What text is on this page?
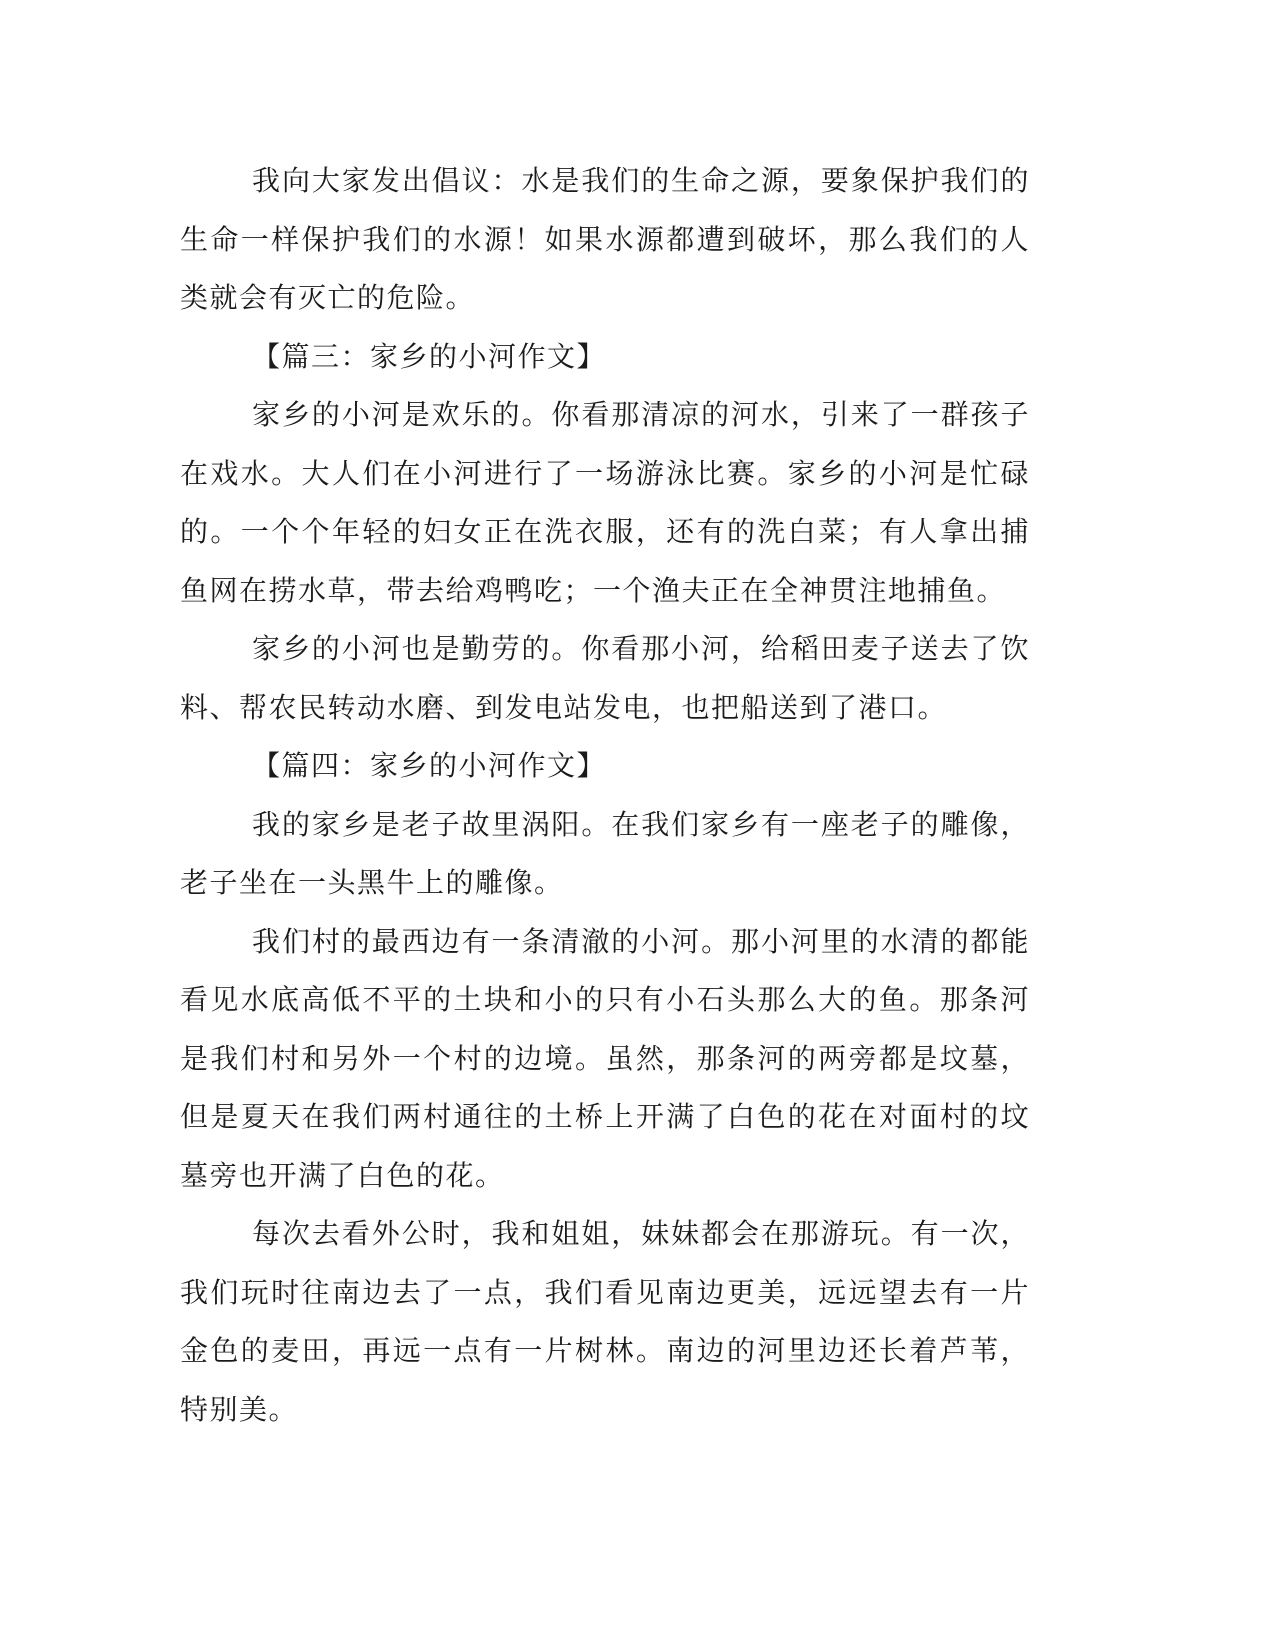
我向大家发出倡议：水是我们的生命之源，要象保护我们的生命一样保护我们的水源！如果水源都遭到破坏，那么我们的人类就会有灭亡的危险。

【篇三：家乡的小河作文】

家乡的小河是欢乐的。你看那清凉的河水，引来了一群孩子在戏水。大人们在小河进行了一场游泳比赛。家乡的小河是忙碌的。一个个年轻的妇女正在洗衣服，还有的洗白菜；有人拿出捕鱼网在捞水草，带去给鸡鸭吃；一个渔夫正在全神贯注地捕鱼。

家乡的小河也是勤劳的。你看那小河，给稻田麦子送去了饮料、帮农民转动水磨、到发电站发电，也把船送到了港口。

【篇四：家乡的小河作文】

我的家乡是老子故里涡阳。在我们家乡有一座老子的雕像，老子坐在一头黑牛上的雕像。

我们村的最西边有一条清澈的小河。那小河里的水清的都能看见水底高低不平的土块和小的只有小石头那么大的鱼。那条河是我们村和另外一个村的边境。虽然，那条河的两旁都是坟墓，但是夏天在我们两村通往的土桥上开满了白色的花在对面村的坟墓旁也开满了白色的花。

每次去看外公时，我和姐姐，妹妹都会在那游玩。有一次，我们玩时往南边去了一点，我们看见南边更美，远远望去有一片金色的麦田，再远一点有一片树林。南边的河里边还长着芦苇，特别美。
